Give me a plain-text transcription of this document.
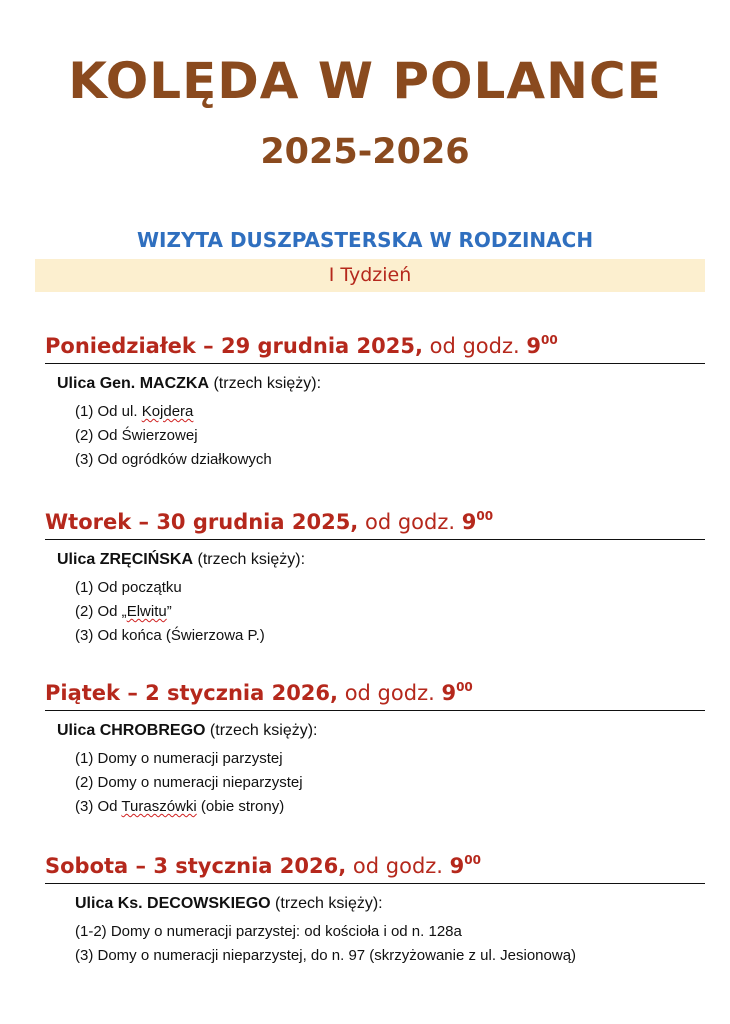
KOLĘDA W POLANCE
2025-2026
WIZYTA DUSZPASTERSKA W RODZINACH
I Tydzień
Poniedziałek – 29 grudnia 2025, od godz. $9^{00}$
Ulica Gen. MACZKA (trzech księży):
(1) Od ul. Kojdera
(2) Od Świerzowej
(3) Od ogródków działkowych
Wtorek – 30 grudnia 2025, od godz. $9^{00}$
Ulica ZRĘCIŃSKA (trzech księży):
(1) Od początku
(2) Od „Elwitu”
(3) Od końca (Świerzowa P.)
Piątek – 2 stycznia 2026, od godz. $9^{00}$
Ulica CHROBREGO (trzech księży):
(1) Domy o numeracji parzystej
(2) Domy o numeracji nieparzystej
(3) Od Turaszówki (obie strony)
Sobota – 3 stycznia 2026, od godz. $9^{00}$
Ulica Ks. DECOWSKIEGO (trzech księży):
(1-2) Domy o numeracji parzystej: od kościoła i od n. 128a
(3) Domy o numeracji nieparzystej, do n. 97 (skrzyżowanie z ul. Jesionową)
